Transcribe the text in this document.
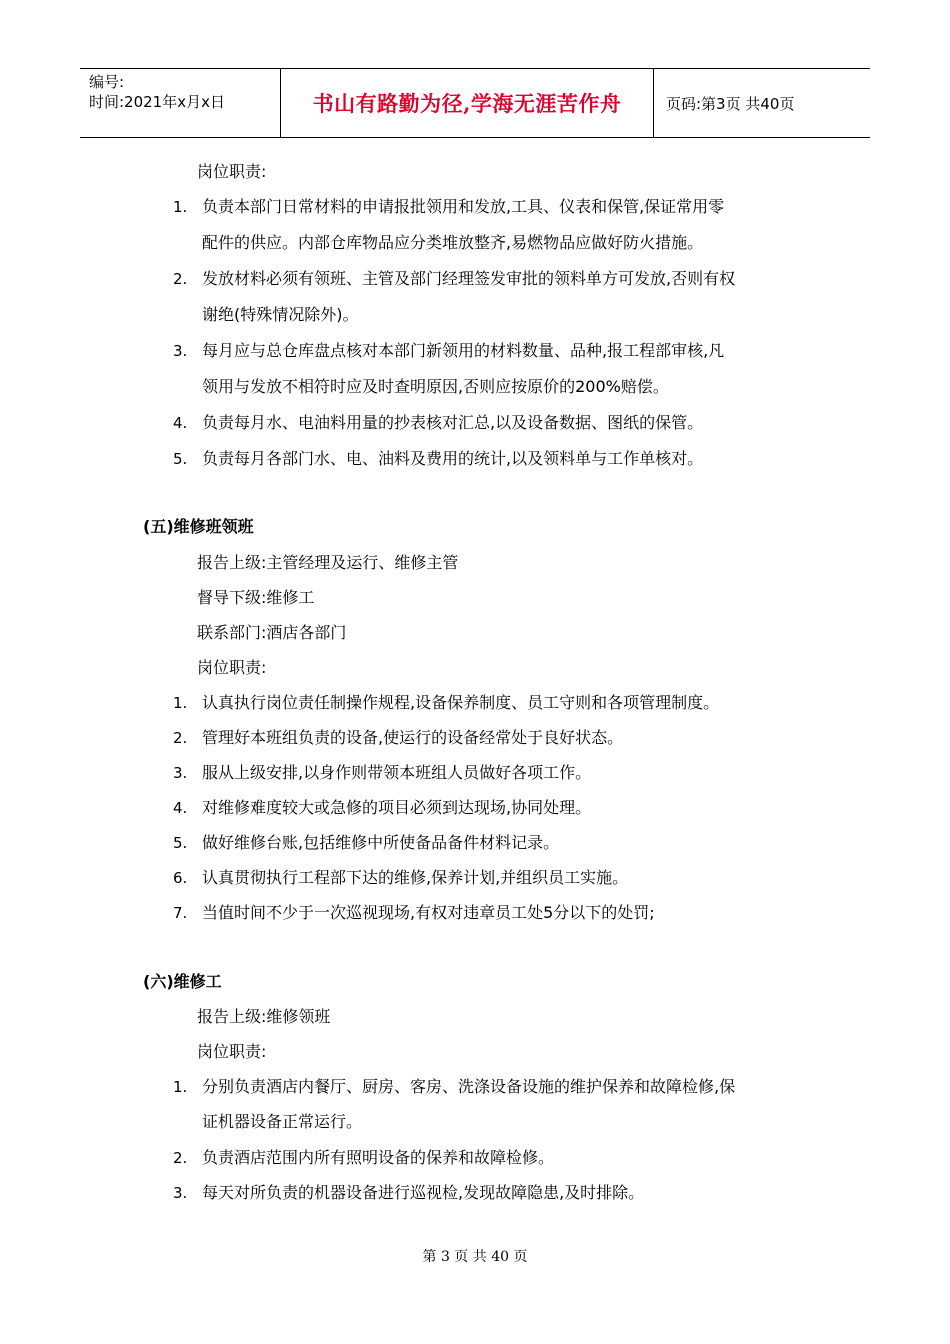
编号:
时间:2021年x月x日	书山有路勤为径,学海无涯苦作舟	页码:第3页 共40页
岗位职责:
1. 负责本部门日常材料的申请报批领用和发放,工具、仪表和保管,保证常用零
配件的供应。内部仓库物品应分类堆放整齐,易燃物品应做好防火措施。
2. 发放材料必须有领班、主管及部门经理签发审批的领料单方可发放,否则有权
谢绝(特殊情况除外)。
3. 每月应与总仓库盘点核对本部门新领用的材料数量、品种,报工程部审核,凡
领用与发放不相符时应及时查明原因,否则应按原价的200%赔偿。
4. 负责每月水、电油料用量的抄表核对汇总,以及设备数据、图纸的保管。
5. 负责每月各部门水、电、油料及费用的统计,以及领料单与工作单核对。
(五)维修班领班
报告上级:主管经理及运行、维修主管
督导下级:维修工
联系部门:酒店各部门
岗位职责:
1. 认真执行岗位责任制操作规程,设备保养制度、员工守则和各项管理制度。
2. 管理好本班组负责的设备,使运行的设备经常处于良好状态。
3. 服从上级安排,以身作则带领本班组人员做好各项工作。
4. 对维修难度较大或急修的项目必须到达现场,协同处理。
5. 做好维修台账,包括维修中所使备品备件材料记录。
6. 认真贯彻执行工程部下达的维修,保养计划,并组织员工实施。
7. 当值时间不少于一次巡视现场,有权对违章员工处5分以下的处罚;
(六)维修工
报告上级:维修领班
岗位职责:
1. 分别负责酒店内餐厅、厨房、客房、洗涤设备设施的维护保养和故障检修,保
证机器设备正常运行。
2. 负责酒店范围内所有照明设备的保养和故障检修。
3. 每天对所负责的机器设备进行巡视检,发现故障隐患,及时排除。
第 3 页 共 40 页
